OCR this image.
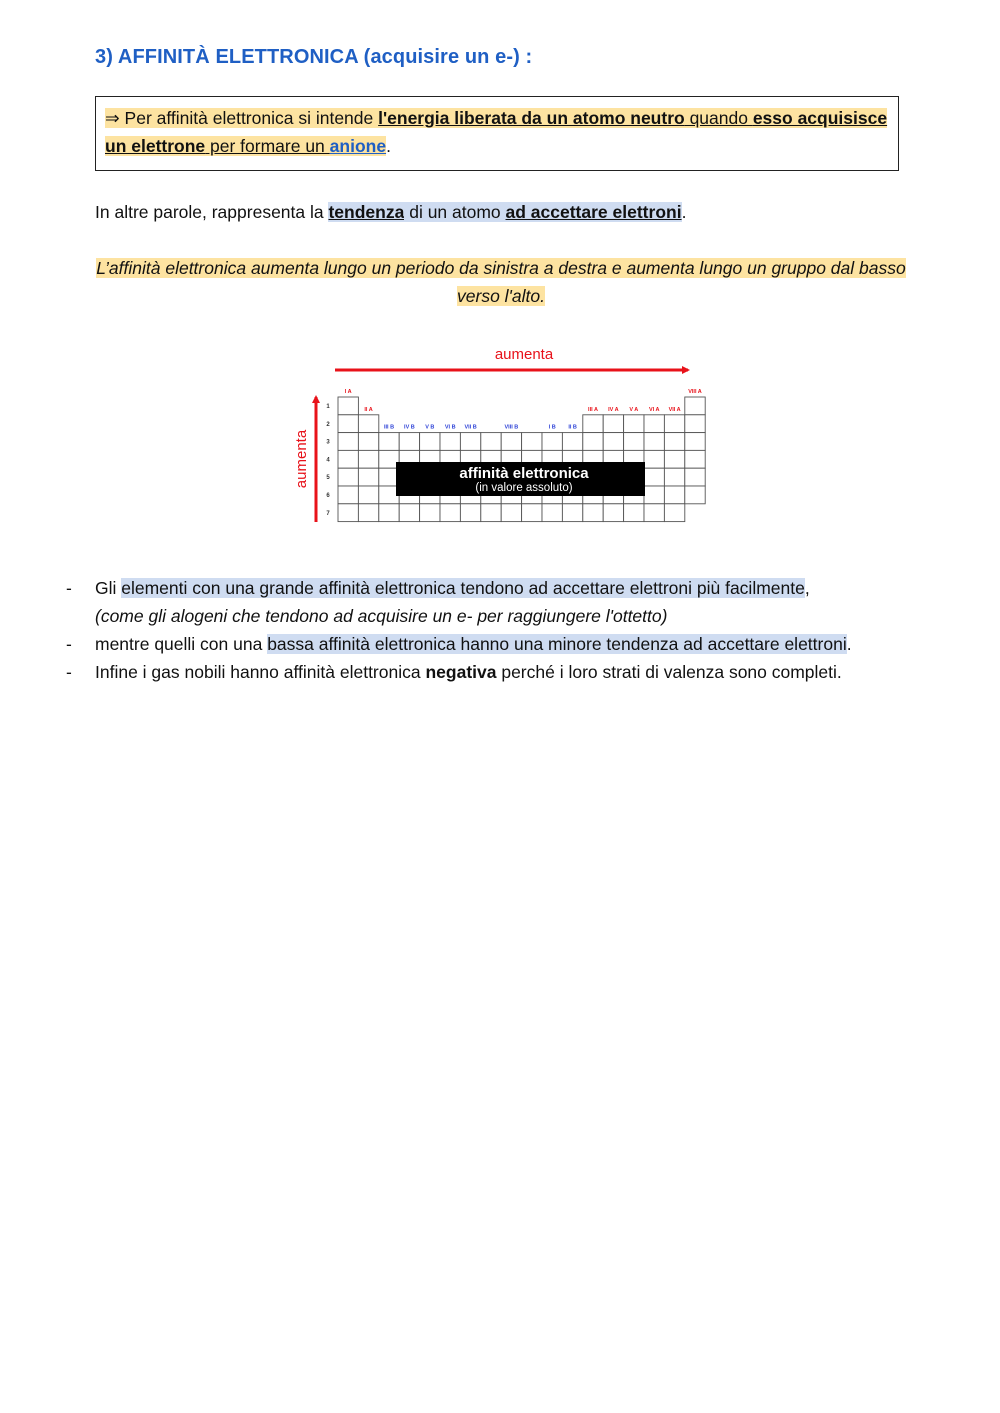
3) AFFINITÀ ELETTRONICA (acquisire un e-) :
⇒ Per affinità elettronica si intende l'energia liberata da un atomo neutro quando esso acquisisce un elettrone per formare un anione.

In altre parole, rappresenta la tendenza di un atomo ad accettare elettroni.

L’affinità elettronica aumenta lungo un periodo da sinistra a destra e aumenta lungo un gruppo dal basso verso l'alto.

aumenta
aumenta
1
2
3
4
5
6
7
I A
II A
III B IV B V B VI B VII B	VIII B	I B II B
III A IV A V A VI A VII A
VIII A
affinità elettronica
(in valore assoluto)
- Gli elementi con una grande affinità elettronica tendono ad accettare elettroni più facilmente,
(come gli alogeni che tendono ad acquisire un e- per raggiungere l'ottetto)
- mentre quelli con una bassa affinità elettronica hanno una minore tendenza ad accettare elettroni.
- Infine i gas nobili hanno affinità elettronica negativa perché i loro strati di valenza sono completi.
